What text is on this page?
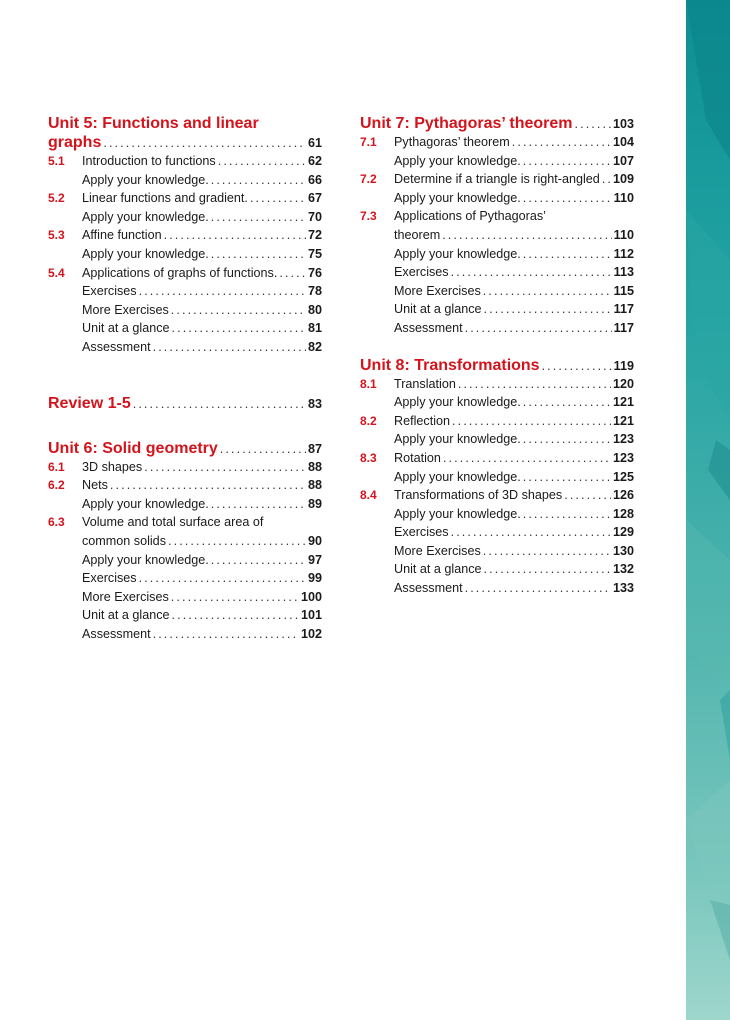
Unit 5: Functions and linear
graphs .....	61
5.1	Introduction to functions .....	62
Apply your knowledge. .....	66
5.2	Linear functions and gradient. .....	67
Apply your knowledge. .....	70
5.3	Affine function .....	72
Apply your knowledge. .....	75
5.4	Applications of graphs of functions. ..... 76
Exercises .....	78
More Exercises .....	80
Unit at a glance .....	81
Assessment .....	82
Review 1-5 .....	83
Unit 6: Solid geometry .....	87
6.1	3D shapes .....	88
6.2	Nets .....	88
Apply your knowledge. .....	89
6.3	Volume and total surface area of
common solids .....	90
Apply your knowledge. .....	97
Exercises .....	99
More Exercises .....	100
Unit at a glance .....	101
Assessment .....	102
Unit 7: Pythagoras’ theorem .....	103
7.1	Pythagoras’ theorem .....	104
Apply your knowledge. .....	107
7.2	Determine if a triangle is right-angled ..... 109
Apply your knowledge. .....	110
7.3	Applications of Pythagoras’
theorem .....	110
Apply your knowledge. .....	112
Exercises .....	113
More Exercises .....	115
Unit at a glance .....	117
Assessment .....	117
Unit 8: Transformations .....	119
8.1	Translation .....	120
Apply your knowledge. .....	121
8.2	Reflection .....	121
Apply your knowledge. .....	123
8.3	Rotation .....	123
Apply your knowledge. .....	125
8.4	Transformations of 3D shapes .....	126
Apply your knowledge. .....	128
Exercises .....	129
More Exercises .....	130
Unit at a glance .....	132
Assessment .....	133
